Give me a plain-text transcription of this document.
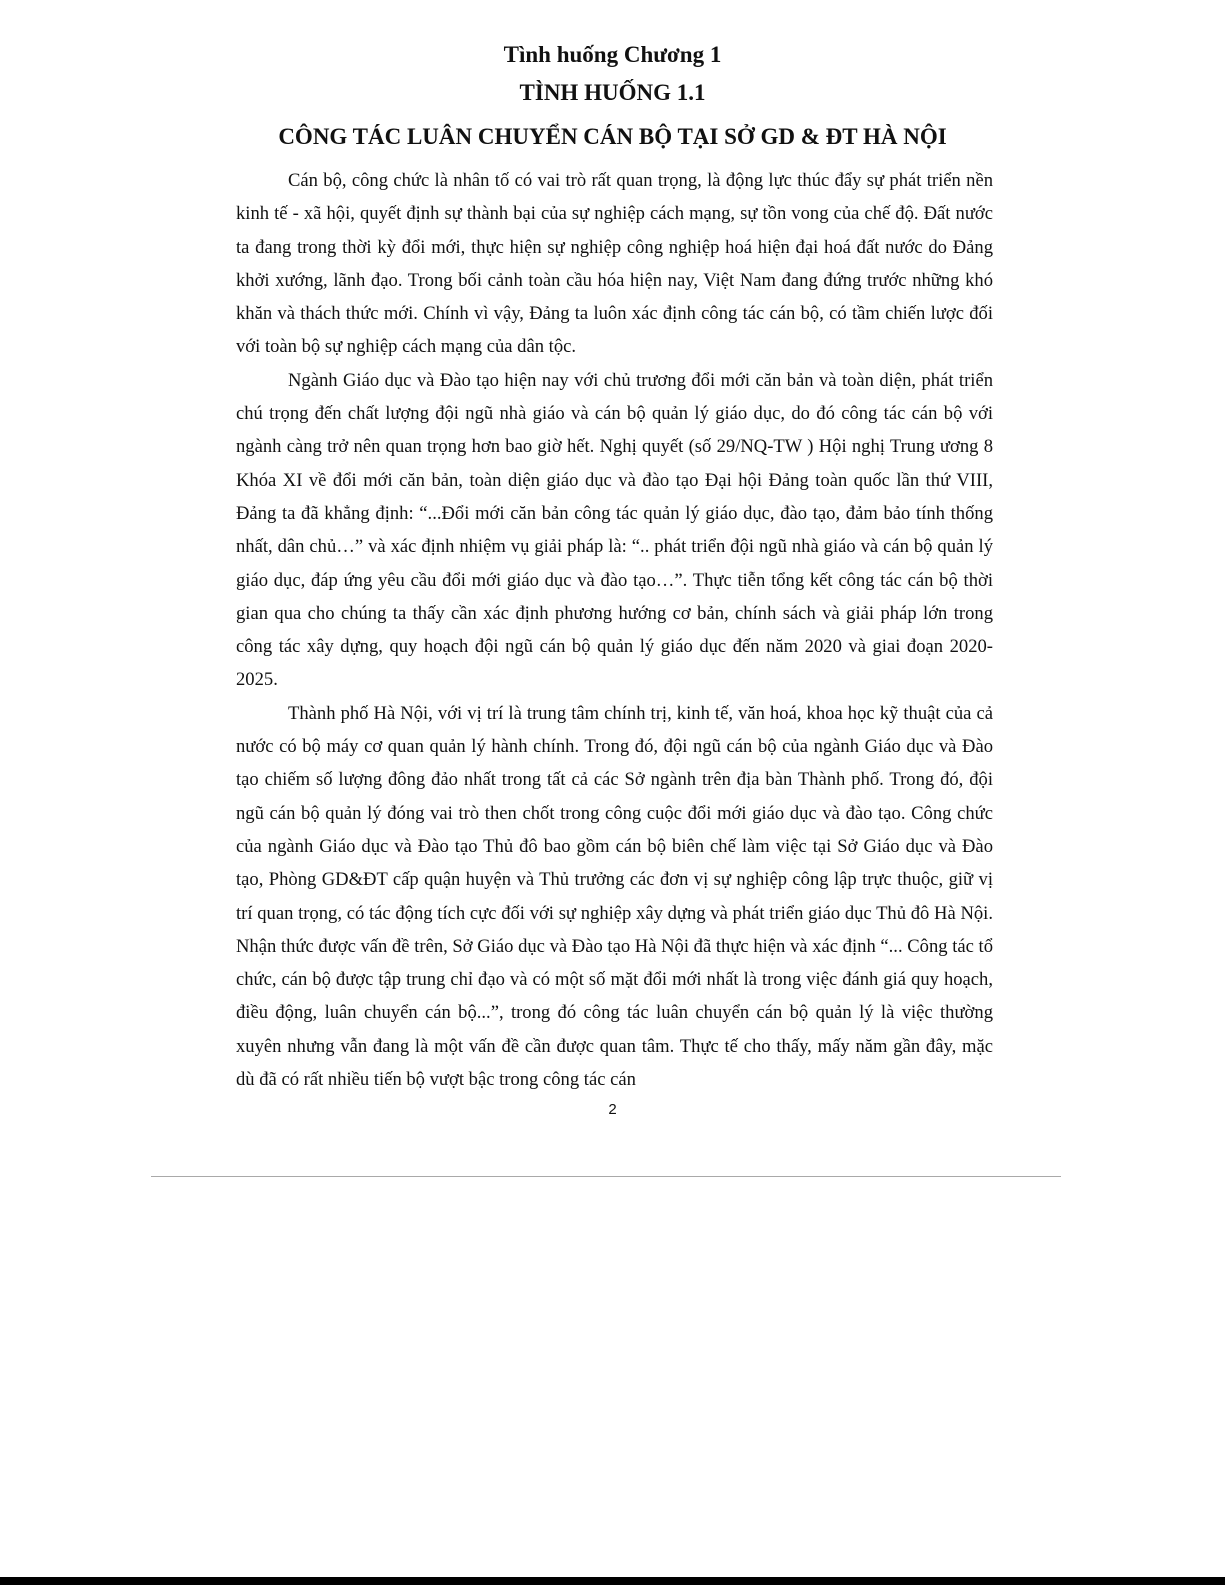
Tình huống Chương 1
TÌNH HUỐNG 1.1
CÔNG TÁC LUÂN CHUYỂN CÁN BỘ TẠI SỞ GD & ĐT HÀ NỘI

Cán bộ, công chức là nhân tố có vai trò rất quan trọng, là động lực thúc đẩy sự phát triển nền kinh tế - xã hội, quyết định sự thành bại của sự nghiệp cách mạng, sự tồn vong của chế độ. Đất nước ta đang trong thời kỳ đổi mới, thực hiện sự nghiệp công nghiệp hoá hiện đại hoá đất nước do Đảng khởi xướng, lãnh đạo. Trong bối cảnh toàn cầu hóa hiện nay, Việt Nam đang đứng trước những khó khăn và thách thức mới. Chính vì vậy, Đảng ta luôn xác định công tác cán bộ, có tầm chiến lược đối với toàn bộ sự nghiệp cách mạng của dân tộc.

Ngành Giáo dục và Đào tạo hiện nay với chủ trương đổi mới căn bản và toàn diện, phát triển chú trọng đến chất lượng đội ngũ nhà giáo và cán bộ quản lý giáo dục, do đó công tác cán bộ với ngành càng trở nên quan trọng hơn bao giờ hết. Nghị quyết (số 29/NQ-TW ) Hội nghị Trung ương 8 Khóa XI về đổi mới căn bản, toàn diện giáo dục và đào tạo Đại hội Đảng toàn quốc lần thứ VIII, Đảng ta đã khẳng định: “...Đổi mới căn bản công tác quản lý giáo dục, đào tạo, đảm bảo tính thống nhất, dân chủ…” và xác định nhiệm vụ giải pháp là: “.. phát triển đội ngũ nhà giáo và cán bộ quản lý giáo dục, đáp ứng yêu cầu đổi mới giáo dục và đào tạo…”. Thực tiễn tổng kết công tác cán bộ thời gian qua cho chúng ta thấy cần xác định phương hướng cơ bản, chính sách và giải pháp lớn trong công tác xây dựng, quy hoạch đội ngũ cán bộ quản lý giáo dục đến năm 2020 và giai đoạn 2020-2025.

Thành phố Hà Nội, với vị trí là trung tâm chính trị, kinh tế, văn hoá, khoa học kỹ thuật của cả nước có bộ máy cơ quan quản lý hành chính. Trong đó, đội ngũ cán bộ của ngành Giáo dục và Đào tạo chiếm số lượng đông đảo nhất trong tất cả các Sở ngành trên địa bàn Thành phố. Trong đó, đội ngũ cán bộ quản lý đóng vai trò then chốt trong công cuộc đổi mới giáo dục và đào tạo. Công chức của ngành Giáo dục và Đào tạo Thủ đô bao gồm cán bộ biên chế làm việc tại Sở Giáo dục và Đào tạo, Phòng GD&ĐT cấp quận huyện và Thủ trưởng các đơn vị sự nghiệp công lập trực thuộc, giữ vị trí quan trọng, có tác động tích cực đối với sự nghiệp xây dựng và phát triển giáo dục Thủ đô Hà Nội. Nhận thức được vấn đề trên, Sở Giáo dục và Đào tạo Hà Nội đã thực hiện và xác định “... Công tác tổ chức, cán bộ được tập trung chỉ đạo và có một số mặt đổi mới nhất là trong việc đánh giá quy hoạch, điều động, luân chuyển cán bộ...”, trong đó công tác luân chuyển cán bộ quản lý là việc thường xuyên nhưng vẫn đang là một vấn đề cần được quan tâm. Thực tế cho thấy, mấy năm gần đây, mặc dù đã có rất nhiều tiến bộ vượt bậc trong công tác cán

2
